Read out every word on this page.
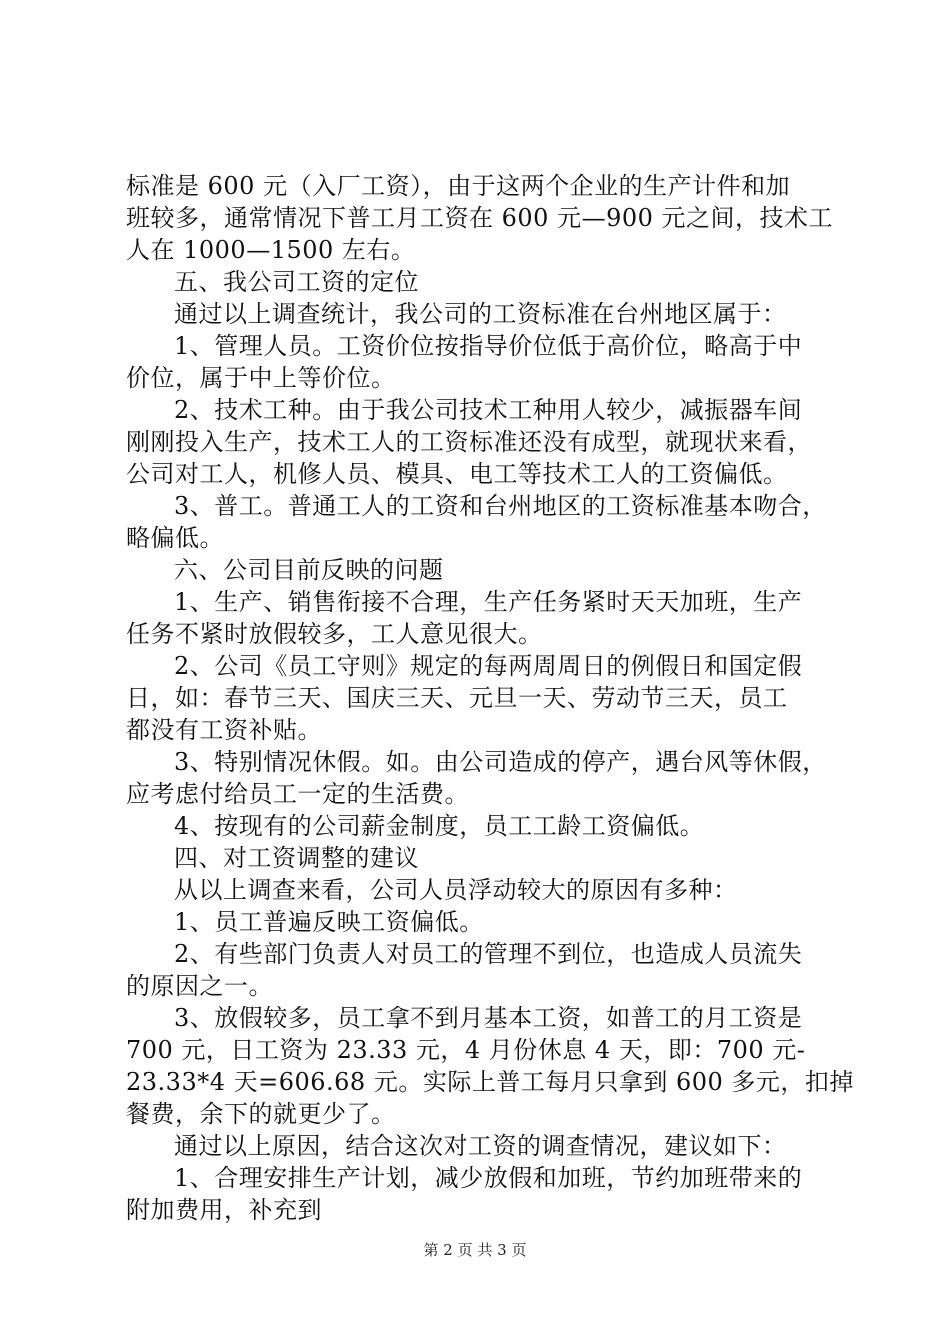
标准是 600 元（入厂工资），由于这两个企业的生产计件和加
班较多，通常情况下普工月工资在 600 元—900 元之间，技术工
人在 1000—1500 左右。
五、我公司工资的定位
通过以上调查统计，我公司的工资标准在台州地区属于：
1、管理人员。工资价位按指导价位低于高价位，略高于中
价位，属于中上等价位。
2、技术工种。由于我公司技术工种用人较少，减振器车间
刚刚投入生产，技术工人的工资标准还没有成型，就现状来看，
公司对工人，机修人员、模具、电工等技术工人的工资偏低。
3、普工。普通工人的工资和台州地区的工资标准基本吻合，
略偏低。
六、公司目前反映的问题
1、生产、销售衔接不合理，生产任务紧时天天加班，生产
任务不紧时放假较多，工人意见很大。
2、公司《员工守则》规定的每两周周日的例假日和国定假
日，如：春节三天、国庆三天、元旦一天、劳动节三天，员工
都没有工资补贴。
3、特别情况休假。如。由公司造成的停产，遇台风等休假，
应考虑付给员工一定的生活费。
4、按现有的公司薪金制度，员工工龄工资偏低。
四、对工资调整的建议
从以上调查来看，公司人员浮动较大的原因有多种：
1、员工普遍反映工资偏低。
2、有些部门负责人对员工的管理不到位，也造成人员流失
的原因之一。
3、放假较多，员工拿不到月基本工资，如普工的月工资是
700 元，日工资为 23.33 元，4 月份休息 4 天，即：700 元-
23.33*4 天=606.68 元。实际上普工每月只拿到 600 多元，扣掉
餐费，余下的就更少了。
通过以上原因，结合这次对工资的调查情况，建议如下：
1、合理安排生产计划，减少放假和加班，节约加班带来的
附加费用，补充到
第 2 页 共 3 页
